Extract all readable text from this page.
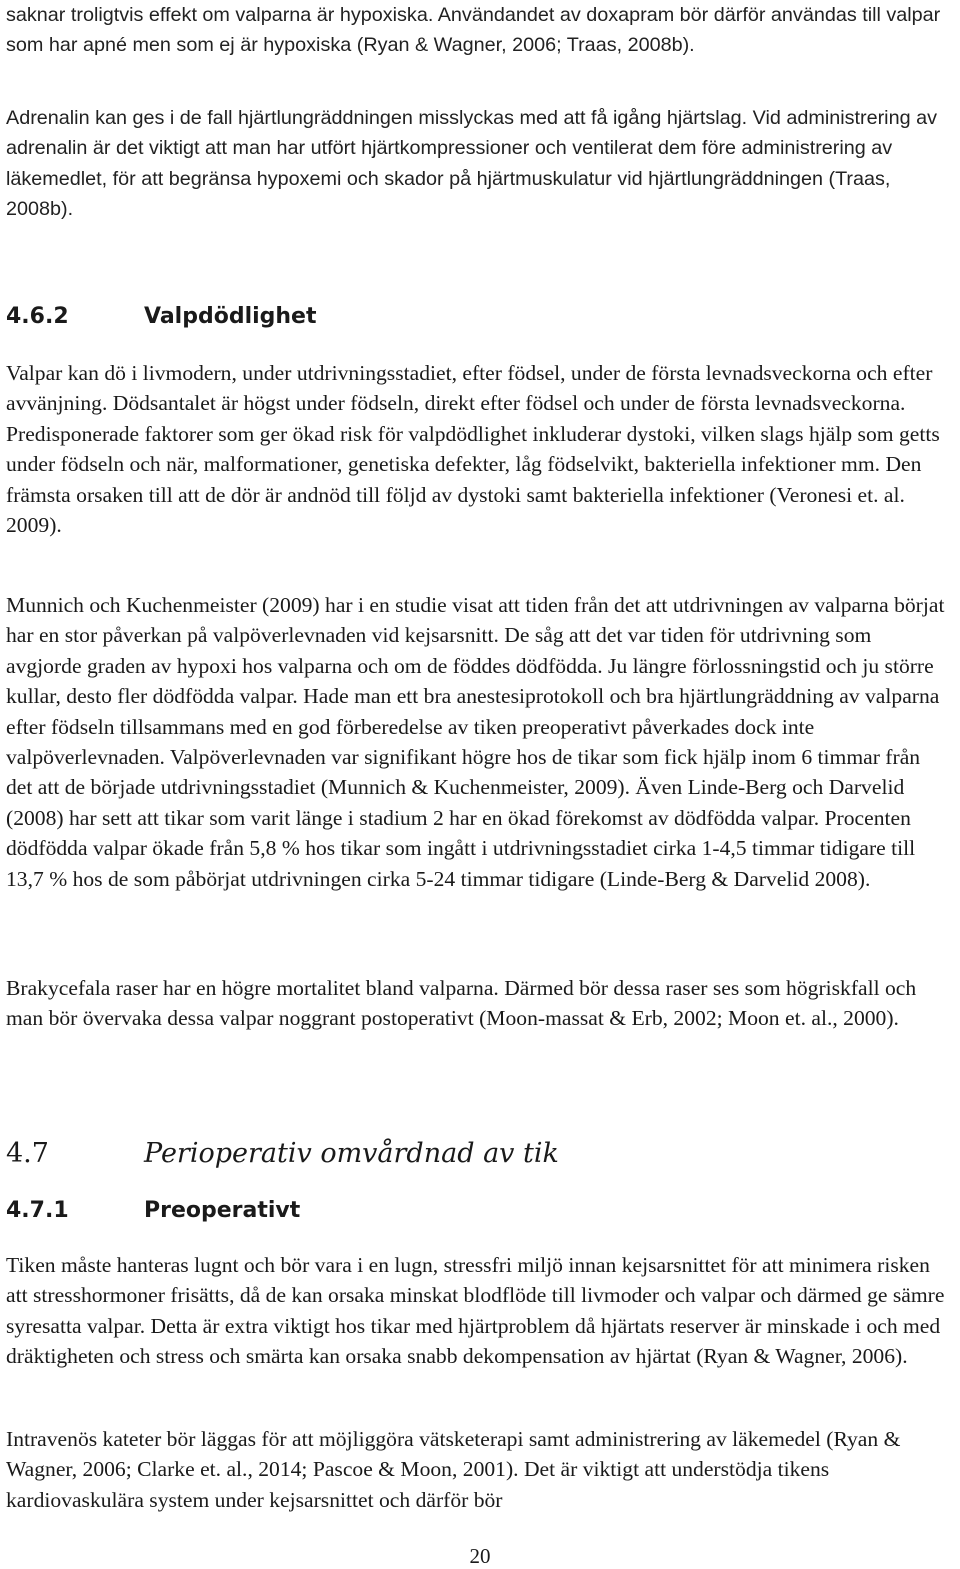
saknar troligtvis effekt om valparna är hypoxiska. Användandet av doxapram bör därför användas till valpar som har apné men som ej är hypoxiska (Ryan & Wagner, 2006; Traas, 2008b).

Adrenalin kan ges i de fall hjärtlungräddningen misslyckas med att få igång hjärtslag. Vid administrering av adrenalin är det viktigt att man har utfört hjärtkompressioner och ventilerat dem före administrering av läkemedlet, för att begränsa hypoxemi och skador på hjärtmuskulatur vid hjärtlungräddningen (Traas, 2008b).

4.6.2	Valpdödlighet

Valpar kan dö i livmodern, under utdrivningsstadiet, efter födsel, under de första levnadsveckorna och efter avvänjning. Dödsantalet är högst under födseln, direkt efter födsel och under de första levnadsveckorna. Predisponerade faktorer som ger ökad risk för valpdödlighet inkluderar dystoki, vilken slags hjälp som getts under födseln och när, malformationer, genetiska defekter, låg födselvikt, bakteriella infektioner mm. Den främsta orsaken till att de dör är andnöd till följd av dystoki samt bakteriella infektioner (Veronesi et. al. 2009).

Munnich och Kuchenmeister (2009) har i en studie visat att tiden från det att utdrivningen av valparna börjat har en stor påverkan på valpöverlevnaden vid kejsarsnitt. De såg att det var tiden för utdrivning som avgjorde graden av hypoxi hos valparna och om de föddes dödfödda. Ju längre förlossningstid och ju större kullar, desto fler dödfödda valpar. Hade man ett bra anestesiprotokoll och bra hjärtlungräddning av valparna efter födseln tillsammans med en god förberedelse av tiken preoperativt påverkades dock inte valpöverlevnaden. Valpöverlevnaden var signifikant högre hos de tikar som fick hjälp inom 6 timmar från det att de började utdrivningsstadiet (Munnich & Kuchenmeister, 2009). Även Linde-Berg och Darvelid (2008) har sett att tikar som varit länge i stadium 2 har en ökad förekomst av dödfödda valpar. Procenten dödfödda valpar ökade från 5,8 % hos tikar som ingått i utdrivningsstadiet cirka 1-4,5 timmar tidigare till 13,7 % hos de som påbörjat utdrivningen cirka 5-24 timmar tidigare (Linde-Berg & Darvelid 2008).

Brakycefala raser har en högre mortalitet bland valparna. Därmed bör dessa raser ses som högriskfall och man bör övervaka dessa valpar noggrant postoperativt (Moon-massat & Erb, 2002; Moon et. al., 2000).

4.7	Perioperativ omvårdnad av tik
4.7.1	Preoperativt

Tiken måste hanteras lugnt och bör vara i en lugn, stressfri miljö innan kejsarsnittet för att minimera risken att stresshormoner frisätts, då de kan orsaka minskat blodflöde till livmoder och valpar och därmed ge sämre syresatta valpar. Detta är extra viktigt hos tikar med hjärtproblem då hjärtats reserver är minskade i och med dräktigheten och stress och smärta kan orsaka snabb dekompensation av hjärtat (Ryan & Wagner, 2006).

Intravenös kateter bör läggas för att möjliggöra vätsketerapi samt administrering av läkemedel (Ryan & Wagner, 2006; Clarke et. al., 2014; Pascoe & Moon, 2001). Det är viktigt att understödja tikens kardiovaskulära system under kejsarsnittet och därför bör

20
